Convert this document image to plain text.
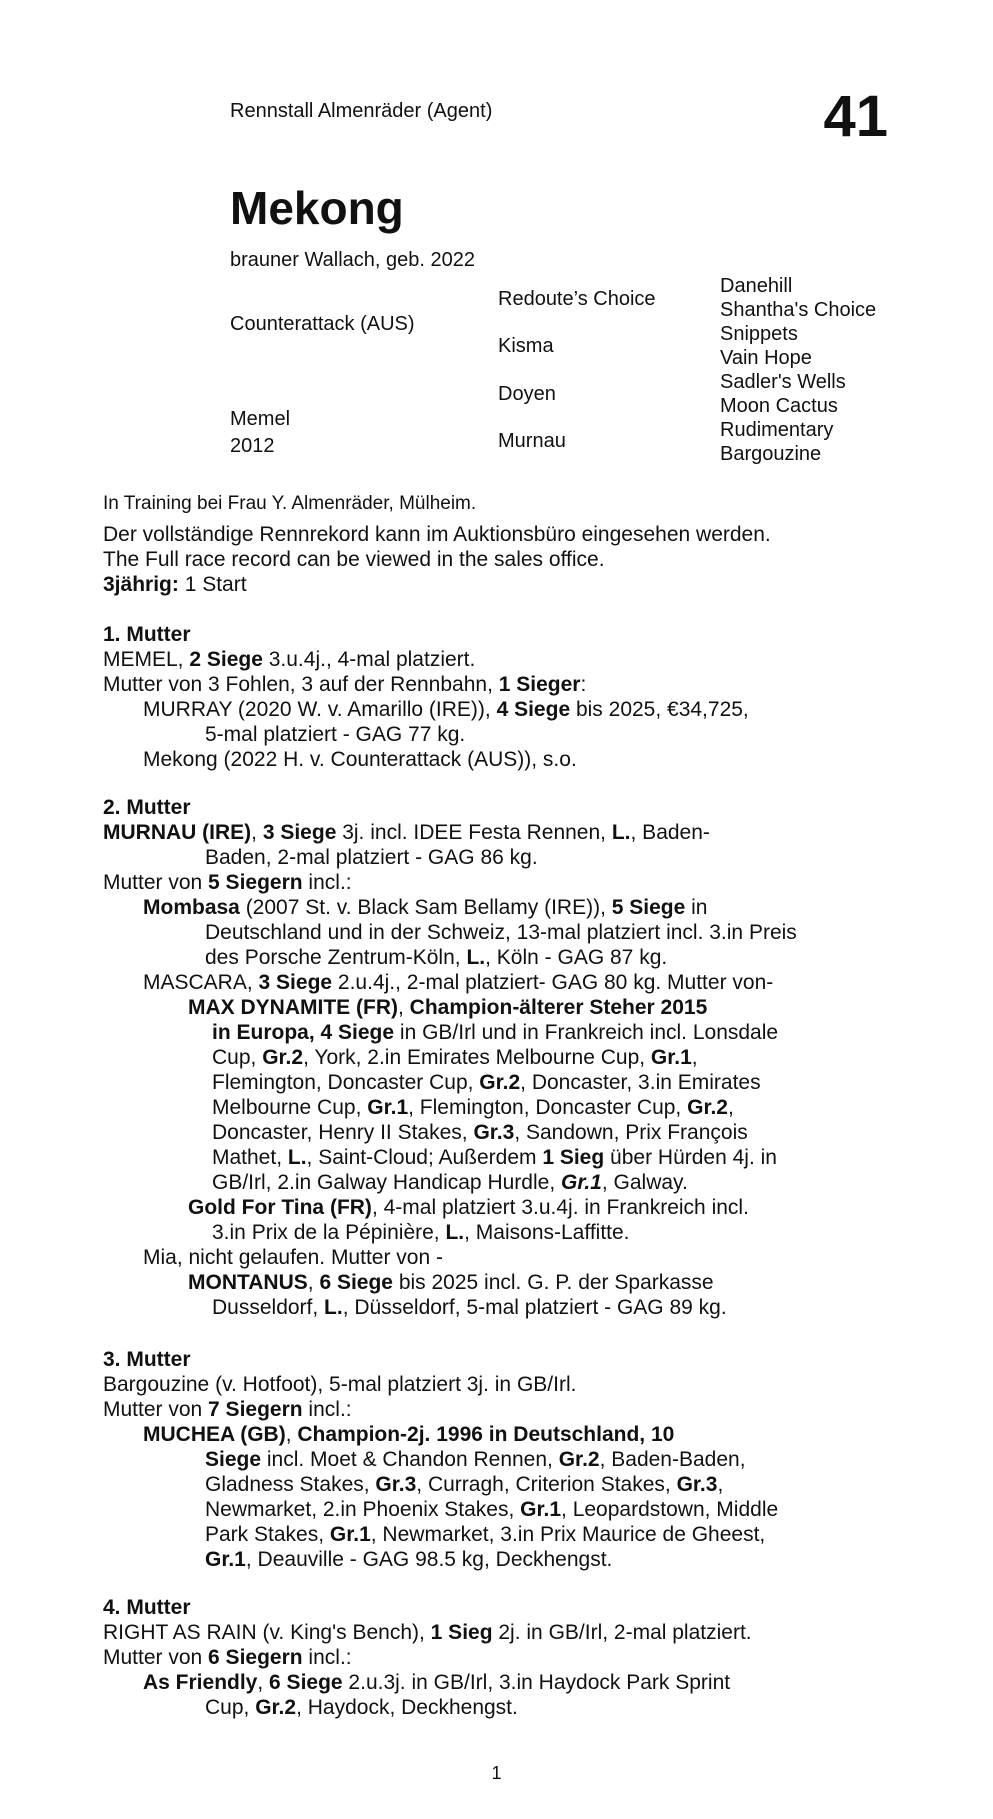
Rennstall Almenräder (Agent)	41
Mekong
brauner Wallach, geb. 2022
Counterattack (AUS)
Memel
2012
Redoute’s Choice
Kisma
Doyen
Murnau
Danehill
Shantha's Choice
Snippets
Vain Hope
Sadler's Wells
Moon Cactus
Rudimentary
Bargouzine
In Training bei Frau Y. Almenräder, Mülheim.
Der vollständige Rennrekord kann im Auktionsbüro eingesehen werden.
The Full race record can be viewed in the sales office.
3jährig: 1 Start

1. Mutter

MEMEL, 2 Siege 3.u.4j., 4-mal platziert.

Mutter von 3 Fohlen, 3 auf der Rennbahn, 1 Sieger:

MURRAY (2020 W. v. Amarillo (IRE)), 4 Siege bis 2025, €34,725,

5-mal platziert - GAG 77 kg.

Mekong (2022 H. v. Counterattack (AUS)), s.o.

2. Mutter

MURNAU (IRE), 3 Siege 3j. incl. IDEE Festa Rennen, L., Baden-

Baden, 2-mal platziert - GAG 86 kg.

Mutter von 5 Siegern incl.:

Mombasa (2007 St. v. Black Sam Bellamy (IRE)), 5 Siege in

Deutschland und in der Schweiz, 13-mal platziert incl. 3.in Preis

des Porsche Zentrum-Köln, L., Köln - GAG 87 kg.

MASCARA, 3 Siege 2.u.4j., 2-mal platziert- GAG 80 kg. Mutter von-

MAX DYNAMITE (FR), Champion-älterer Steher 2015

in Europa, 4 Siege in GB/Irl und in Frankreich incl. Lonsdale

Cup, Gr.2, York, 2.in Emirates Melbourne Cup, Gr.1,

Flemington, Doncaster Cup, Gr.2, Doncaster, 3.in Emirates

Melbourne Cup, Gr.1, Flemington, Doncaster Cup, Gr.2,

Doncaster, Henry II Stakes, Gr.3, Sandown, Prix François

Mathet, L., Saint-Cloud; Außerdem 1 Sieg über Hürden 4j. in

GB/Irl, 2.in Galway Handicap Hurdle, Gr.1, Galway.

Gold For Tina (FR), 4-mal platziert 3.u.4j. in Frankreich incl.

3.in Prix de la Pépinière, L., Maisons-Laffitte.

Mia, nicht gelaufen. Mutter von -

MONTANUS, 6 Siege bis 2025 incl. G. P. der Sparkasse

Dusseldorf, L., Düsseldorf, 5-mal platziert - GAG 89 kg.

3. Mutter

Bargouzine (v. Hotfoot), 5-mal platziert 3j. in GB/Irl.

Mutter von 7 Siegern incl.:

MUCHEA (GB), Champion-2j. 1996 in Deutschland, 10

Siege incl. Moet & Chandon Rennen, Gr.2, Baden-Baden,

Gladness Stakes, Gr.3, Curragh, Criterion Stakes, Gr.3,

Newmarket, 2.in Phoenix Stakes, Gr.1, Leopardstown, Middle

Park Stakes, Gr.1, Newmarket, 3.in Prix Maurice de Gheest,

Gr.1, Deauville - GAG 98.5 kg, Deckhengst.

4. Mutter

RIGHT AS RAIN (v. King's Bench), 1 Sieg 2j. in GB/Irl, 2-mal platziert.

Mutter von 6 Siegern incl.:

As Friendly, 6 Siege 2.u.3j. in GB/Irl, 3.in Haydock Park Sprint

Cup, Gr.2, Haydock, Deckhengst.

1
